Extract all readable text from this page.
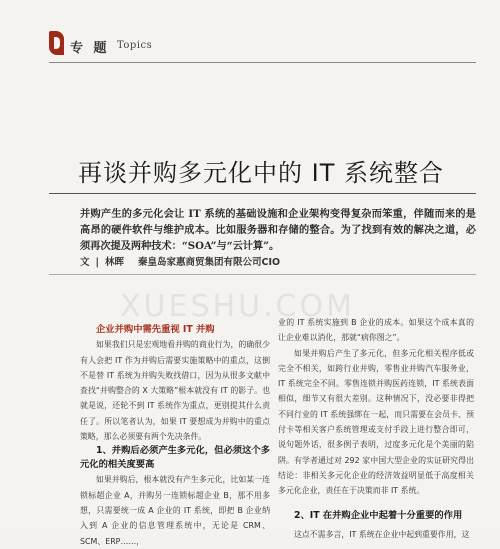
专 题 Topics
再谈并购多元化中的 IT 系统整合
并购产生的多元化会让 IT 系统的基础设施和企业架构变得复杂而笨重，伴随而来的是高昂的硬件软件与维护成本。比如服务器和存储的整合。为了找到有效的解决之道，必须再次提及两种技术：“SOA”与“云计算”。
文 | 林晖 秦皇岛家惠商贸集团有限公司CIO
XUESHU.COM

企业并购中需先重视 IT 并购

如果我们只是宏观地看并购的商业行为，的确很少有人会把 IT 作为并购后需要实施策略中的重点，这倒不是替 IT 系统为并购失败找借口，因为从很多文献中查找“并购整合的 X 大策略”根本就没有 IT 的影子。也就是说，还轮不到 IT 系统作为重点，更别提其什么责任了。所以笔者认为，如果 IT 要想成为并购中的重点策略，那么必须要有两个先决条件。

1、并购后必须产生多元化，但必须这个多元化的相关度要高

如果并购后，根本就没有产生多元化，比如某一连锁标超企业 A，并购另一连锁标超企业 B，那不用多想，只需要统一成 A 企业的 IT 系统，即把 B 企业纳入到 A 企业的信息管理系统中，无论是 CRM、SCM、ERP……，

业的 IT 系统实施到 B 企业的成本。如果这个成本真的让企业难以消化，那就“病你图之”。

如果并购后产生了多元化，但多元化相关程序低或完全不相关，如跨行业并购，零售业并购汽车服务业，IT 系统完全不同。零售连锁并购医药连锁，IT 系统表面相似，细节又有很大差别。这种情况下，没必要非得把不同行业的 IT 系统强绑在一起，而只需要在会员卡、预付卡等相关客户系统管理或支付手段上进行整合即可，说句题外话，很多例子表明，过度多元化是个美丽的陷阱。有学者通过对 292 家中国大型企业的实证研究得出结论：非相关多元化企业的经济效益明显低于高度相关多元化企业，责任在于决策而非 IT 系统。

2、IT 在并购企业中起着十分重要的作用

这点不需多言，IT 系统在企业中起到重要作用，这
